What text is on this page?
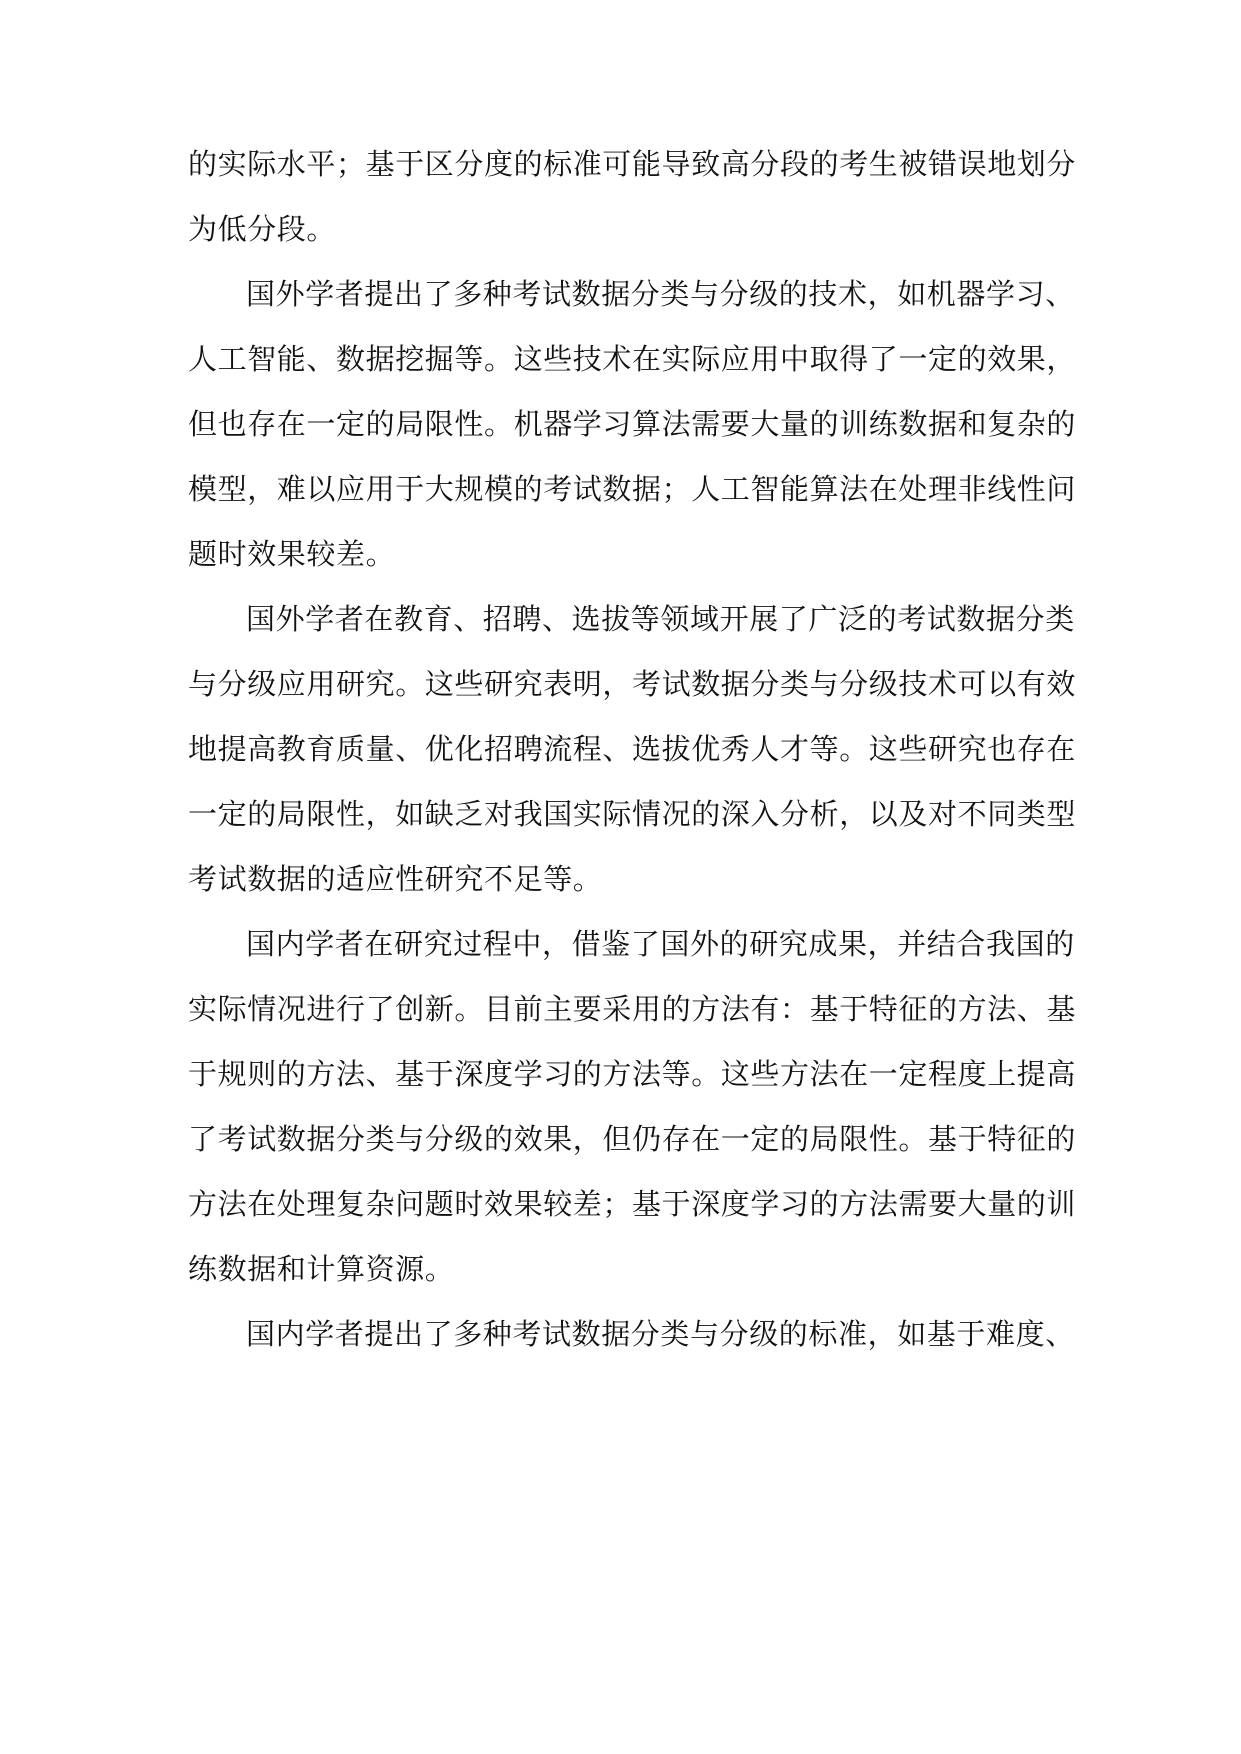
的实际水平；基于区分度的标准可能导致高分段的考生被错误地划分
为低分段。
国外学者提出了多种考试数据分类与分级的技术，如机器学习、
人工智能、数据挖掘等。这些技术在实际应用中取得了一定的效果，
但也存在一定的局限性。机器学习算法需要大量的训练数据和复杂的
模型，难以应用于大规模的考试数据；人工智能算法在处理非线性问
题时效果较差。
国外学者在教育、招聘、选拔等领域开展了广泛的考试数据分类
与分级应用研究。这些研究表明，考试数据分类与分级技术可以有效
地提高教育质量、优化招聘流程、选拔优秀人才等。这些研究也存在
一定的局限性，如缺乏对我国实际情况的深入分析，以及对不同类型
考试数据的适应性研究不足等。
国内学者在研究过程中，借鉴了国外的研究成果，并结合我国的
实际情况进行了创新。目前主要采用的方法有：基于特征的方法、基
于规则的方法、基于深度学习的方法等。这些方法在一定程度上提高
了考试数据分类与分级的效果，但仍存在一定的局限性。基于特征的
方法在处理复杂问题时效果较差；基于深度学习的方法需要大量的训
练数据和计算资源。
国内学者提出了多种考试数据分类与分级的标准，如基于难度、
